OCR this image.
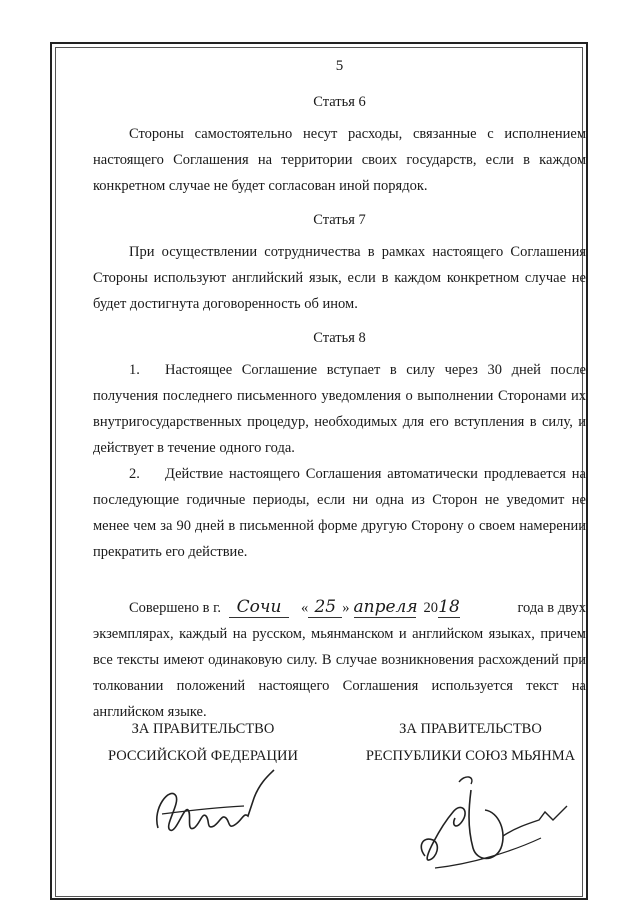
5
Статья 6

Стороны самостоятельно несут расходы, связанные с исполнением настоящего Соглашения на территории своих государств, если в каждом конкретном случае не будет согласован иной порядок.

Статья 7

При осуществлении сотрудничества в рамках настоящего Соглашения Стороны используют английский язык, если в каждом конкретном случае не будет достигнута договоренность об ином.

Статья 8

1. Настоящее Соглашение вступает в силу через 30 дней после получения последнего письменного уведомления о выполнении Сторонами их внутригосударственных процедур, необходимых для его вступления в силу, и действует в течение одного года.

2. Действие настоящего Соглашения автоматически продлевается на последующие годичные периоды, если ни одна из Сторон не уведомит не менее чем за 90 дней в письменной форме другую Сторону о своем намерении прекратить его действие.

Совершено в г. Сочи	« 25 » апреля 20 18	года в двух

экземплярах, каждый на русском, мьянманском и английском языках, причем все тексты имеют одинаковую силу. В случае возникновения расхождений при толковании положений настоящего Соглашения используется текст на английском языке.

ЗА ПРАВИТЕЛЬСТВО
РОССИЙСКОЙ ФЕДЕРАЦИИ
ЗА ПРАВИТЕЛЬСТВО
РЕСПУБЛИКИ СОЮЗ МЬЯНМА
